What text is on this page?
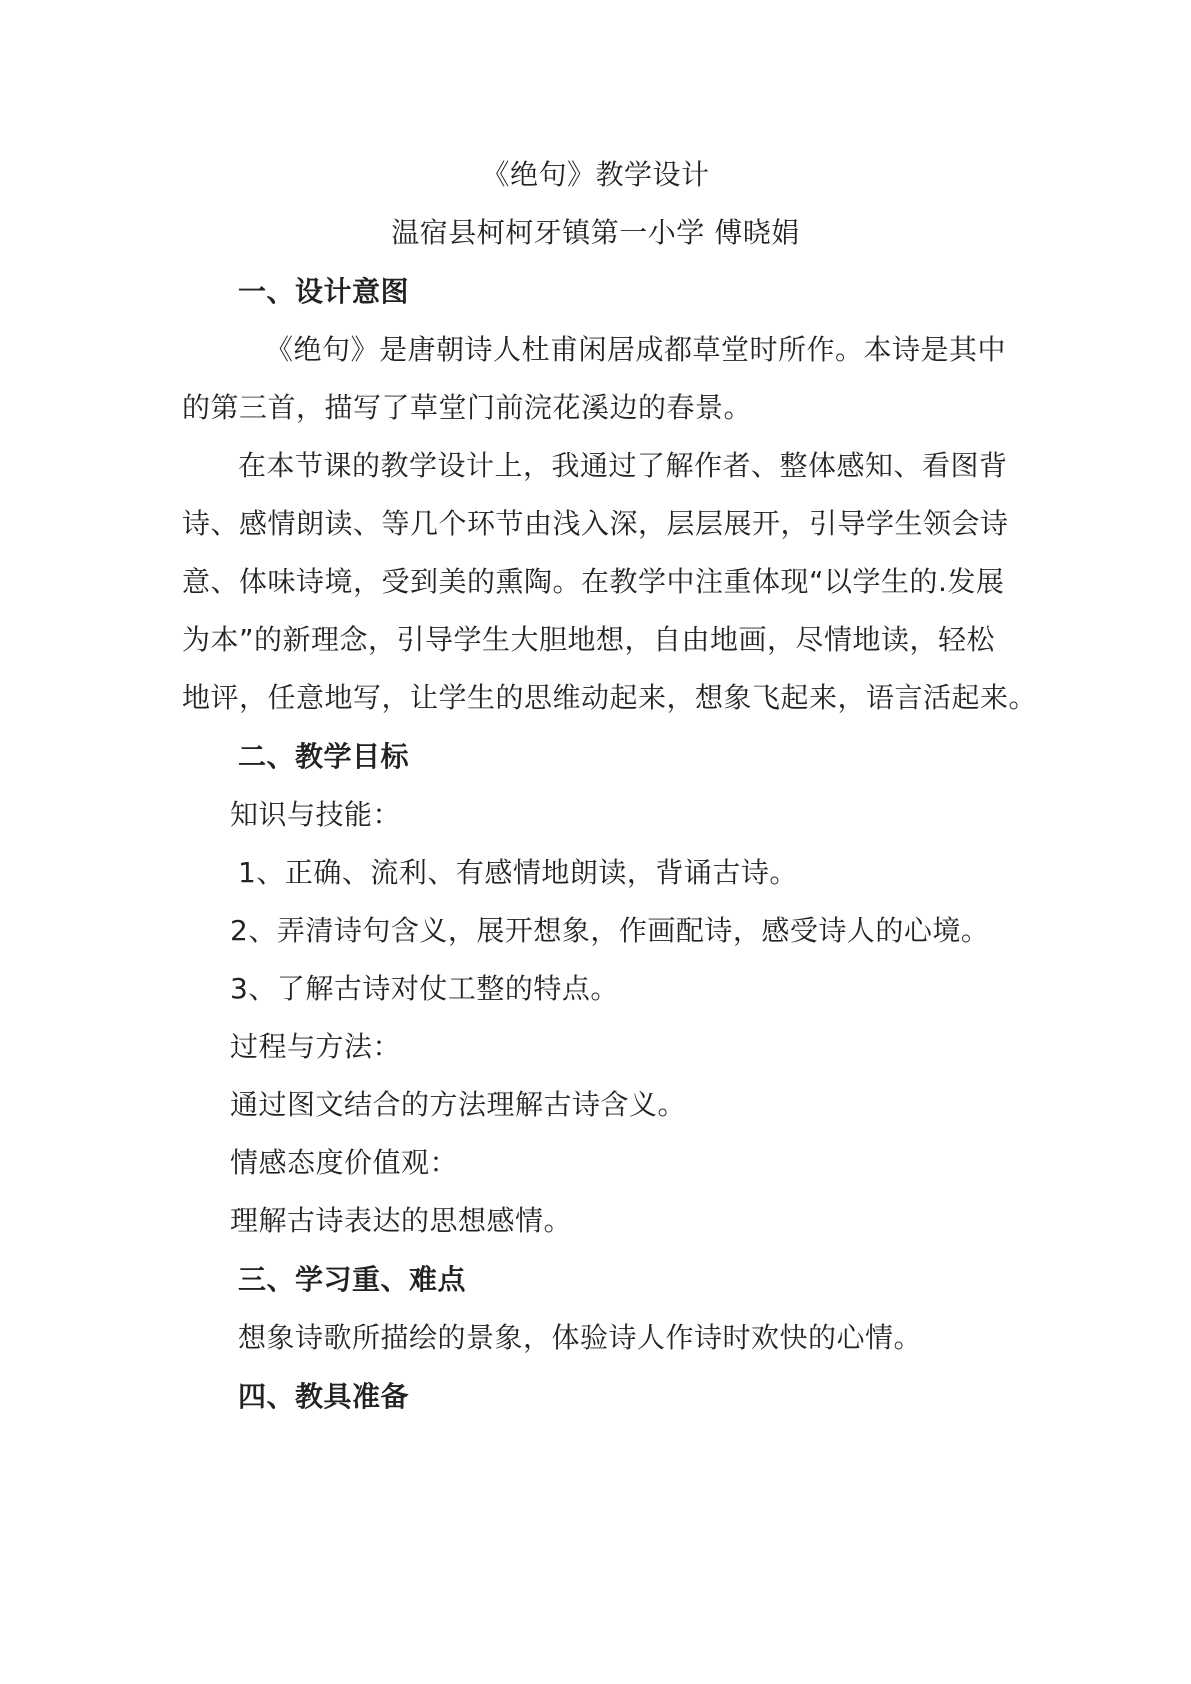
《绝句》教学设计
温宿县柯柯牙镇第一小学 傅晓娟
一、设计意图
《绝句》是唐朝诗人杜甫闲居成都草堂时所作。本诗是其中
的第三首，描写了草堂门前浣花溪边的春景。
在本节课的教学设计上，我通过了解作者、整体感知、看图背
诗、感情朗读、等几个环节由浅入深，层层展开，引导学生领会诗
意、体味诗境，受到美的熏陶。在教学中注重体现“以学生的.发展
为本”的新理念，引导学生大胆地想，自由地画，尽情地读，轻松
地评，任意地写，让学生的思维动起来，想象飞起来，语言活起来。
二、教学目标
知识与技能：
1、正确、流利、有感情地朗读，背诵古诗。
2、弄清诗句含义，展开想象，作画配诗，感受诗人的心境。
3、了解古诗对仗工整的特点。
过程与方法：
通过图文结合的方法理解古诗含义。
情感态度价值观：
理解古诗表达的思想感情。
三、学习重、难点
想象诗歌所描绘的景象，体验诗人作诗时欢快的心情。
四、教具准备
